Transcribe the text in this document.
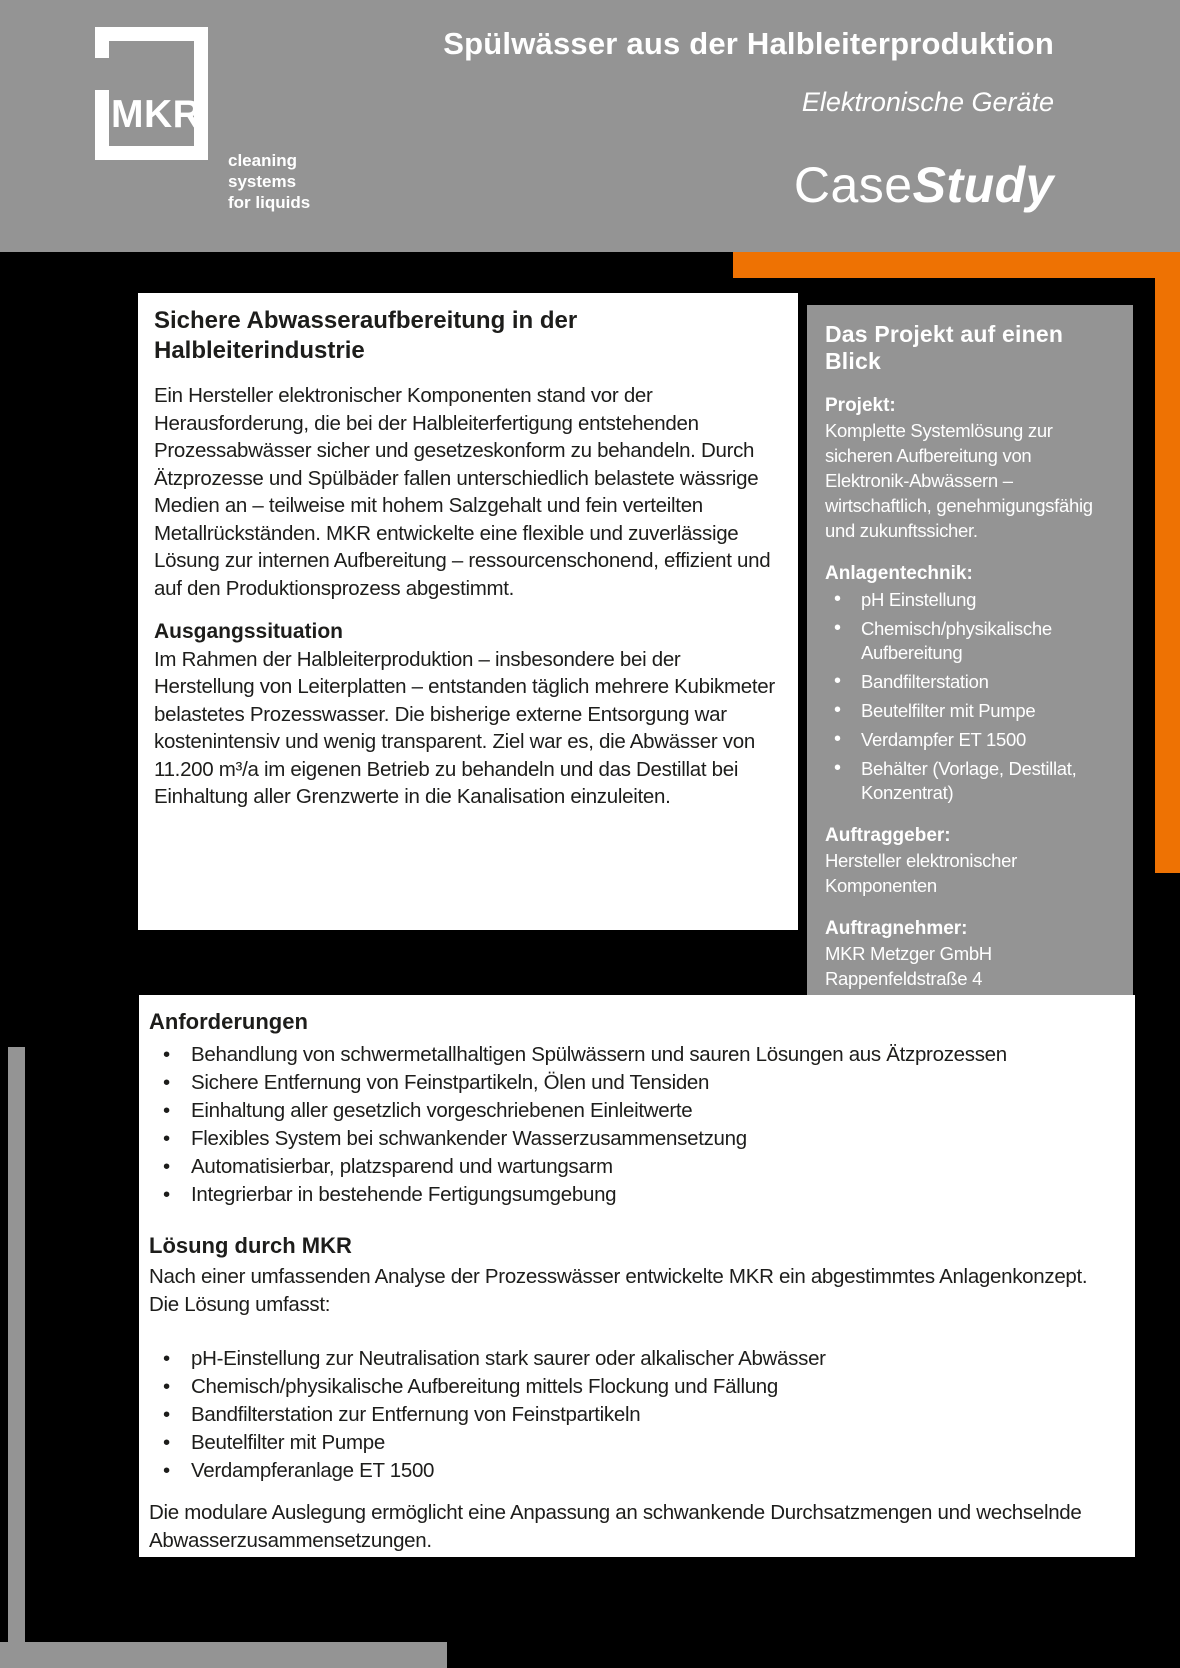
MKR
cleaning
systems
for liquids
Spülwässer aus der Halbleiterproduktion
Elektronische Geräte
CaseStudy
Sichere Abwasseraufbereitung in der Halbleiterindustrie

Ein Hersteller elektronischer Komponenten stand vor der Herausforderung, die bei der Halbleiterfertigung entstehenden Prozessabwässer sicher und gesetzeskonform zu behandeln. Durch Ätzprozesse und Spülbäder fallen unterschiedlich belastete wässrige Medien an – teilweise mit hohem Salzgehalt und fein verteilten Metallrückständen. MKR entwickelte eine flexible und zuverlässige Lösung zur internen Aufbereitung – ressourcenschonend, effizient und auf den Produktionsprozess abgestimmt.

Ausgangssituation

Im Rahmen der Halbleiterproduktion – insbesondere bei der Herstellung von Leiterplatten – entstanden täglich mehrere Kubikmeter belastetes Prozesswasser. Die bisherige externe Entsorgung war kostenintensiv und wenig transparent. Ziel war es, die Abwässer von 11.200 m³/a im eigenen Betrieb zu behandeln und das Destillat bei Einhaltung aller Grenzwerte in die Kanalisation einzuleiten.

Das Projekt auf einen Blick
Projekt:
Komplette Systemlösung zur sicheren Aufbereitung von Elektronik-Abwässern – wirtschaftlich, genehmigungsfähig und zukunftssicher.
Anlagentechnik:
• pH Einstellung
• Chemisch/physikalische Aufbereitung
• Bandfilterstation
• Beutelfilter mit Pumpe
• Verdampfer ET 1500
• Behälter (Vorlage, Destillat, Konzentrat)
Auftraggeber:
Hersteller elektronischer Komponenten
Auftragnehmer:
MKR Metzger GmbH
Rappenfeldstraße 4
Anforderungen
• Behandlung von schwermetallhaltigen Spülwässern und sauren Lösungen aus Ätzprozessen
• Sichere Entfernung von Feinstpartikeln, Ölen und Tensiden
• Einhaltung aller gesetzlich vorgeschriebenen Einleitwerte
• Flexibles System bei schwankender Wasserzusammensetzung
• Automatisierbar, platzsparend und wartungsarm
• Integrierbar in bestehende Fertigungsumgebung
Lösung durch MKR

Nach einer umfassenden Analyse der Prozesswässer entwickelte MKR ein abgestimmtes Anlagenkonzept. Die Lösung umfasst:

• pH-Einstellung zur Neutralisation stark saurer oder alkalischer Abwässer
• Chemisch/physikalische Aufbereitung mittels Flockung und Fällung
• Bandfilterstation zur Entfernung von Feinstpartikeln
• Beutelfilter mit Pumpe
• Verdampferanlage ET 1500

Die modulare Auslegung ermöglicht eine Anpassung an schwankende Durchsatzmengen und wechselnde Abwasserzusammensetzungen.
